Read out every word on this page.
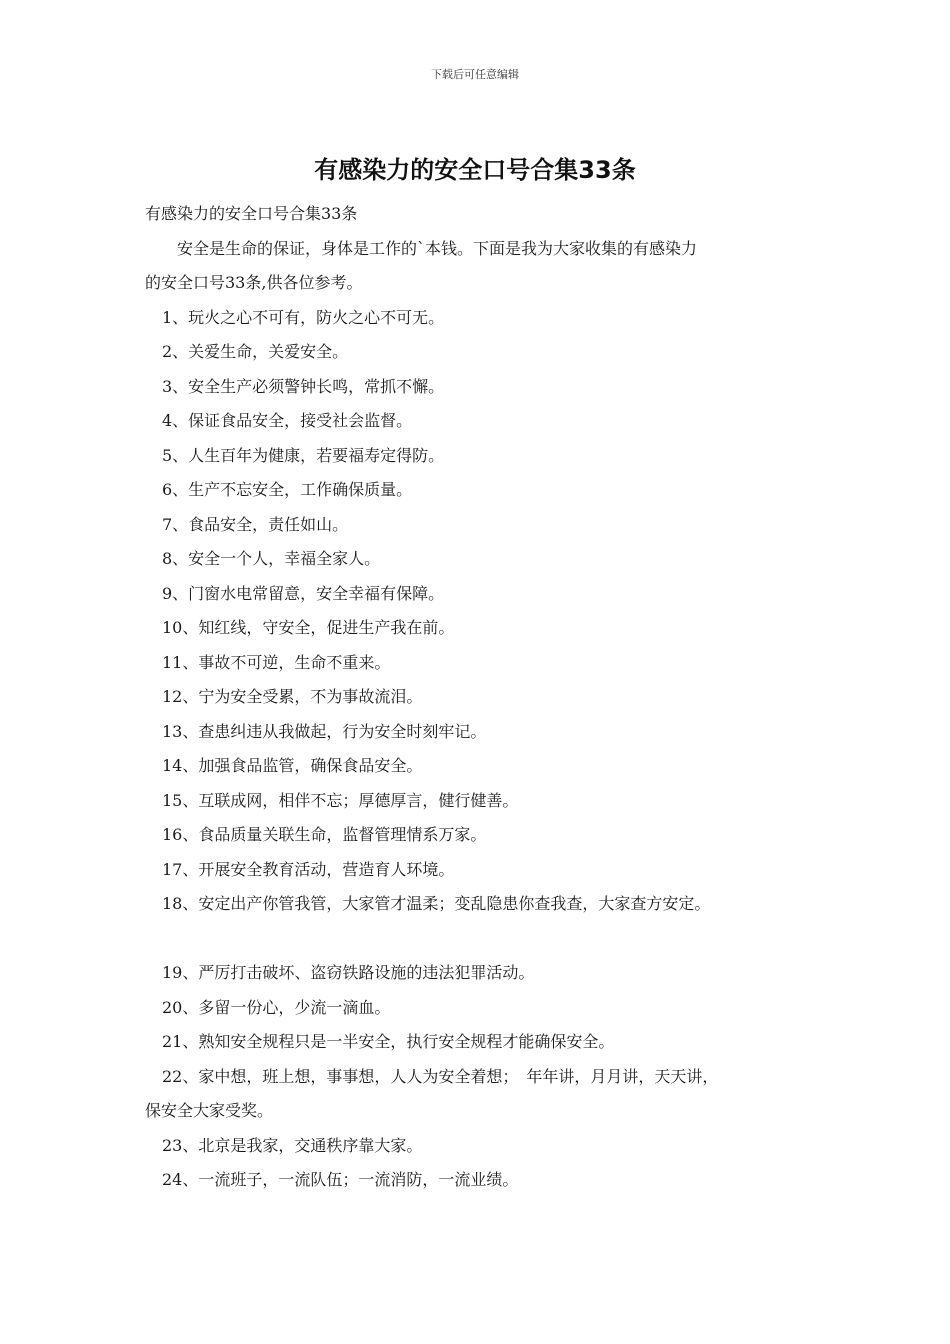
下载后可任意编辑
有感染力的安全口号合集33条

有感染力的安全口号合集33条

安全是生命的保证，身体是工作的`本钱。下面是我为大家收集的有感染力

的安全口号33条,供各位参考。

1、玩火之心不可有，防火之心不可无。

2、关爱生命，关爱安全。

3、安全生产必须警钟长鸣，常抓不懈。

4、保证食品安全，接受社会监督。

5、人生百年为健康，若要福寿定得防。

6、生产不忘安全，工作确保质量。

7、食品安全，责任如山。

8、安全一个人，幸福全家人。

9、门窗水电常留意，安全幸福有保障。

10、知红线，守安全，促进生产我在前。

11、事故不可逆，生命不重来。

12、宁为安全受累，不为事故流泪。

13、查患纠违从我做起，行为安全时刻牢记。

14、加强食品监管，确保食品安全。

15、互联成网，相伴不忘；厚德厚言，健行健善。

16、食品质量关联生命，监督管理情系万家。

17、开展安全教育活动，营造育人环境。

18、安定出产你管我管，大家管才温柔；变乱隐患你查我查，大家查方安定。

19、严厉打击破坏、盗窃铁路设施的违法犯罪活动。

20、多留一份心，少流一滴血。

21、熟知安全规程只是一半安全，执行安全规程才能确保安全。

22、家中想，班上想，事事想，人人为安全着想；　年年讲，月月讲，天天讲，

保安全大家受奖。

23、北京是我家，交通秩序靠大家。

24、一流班子，一流队伍；一流消防，一流业绩。
